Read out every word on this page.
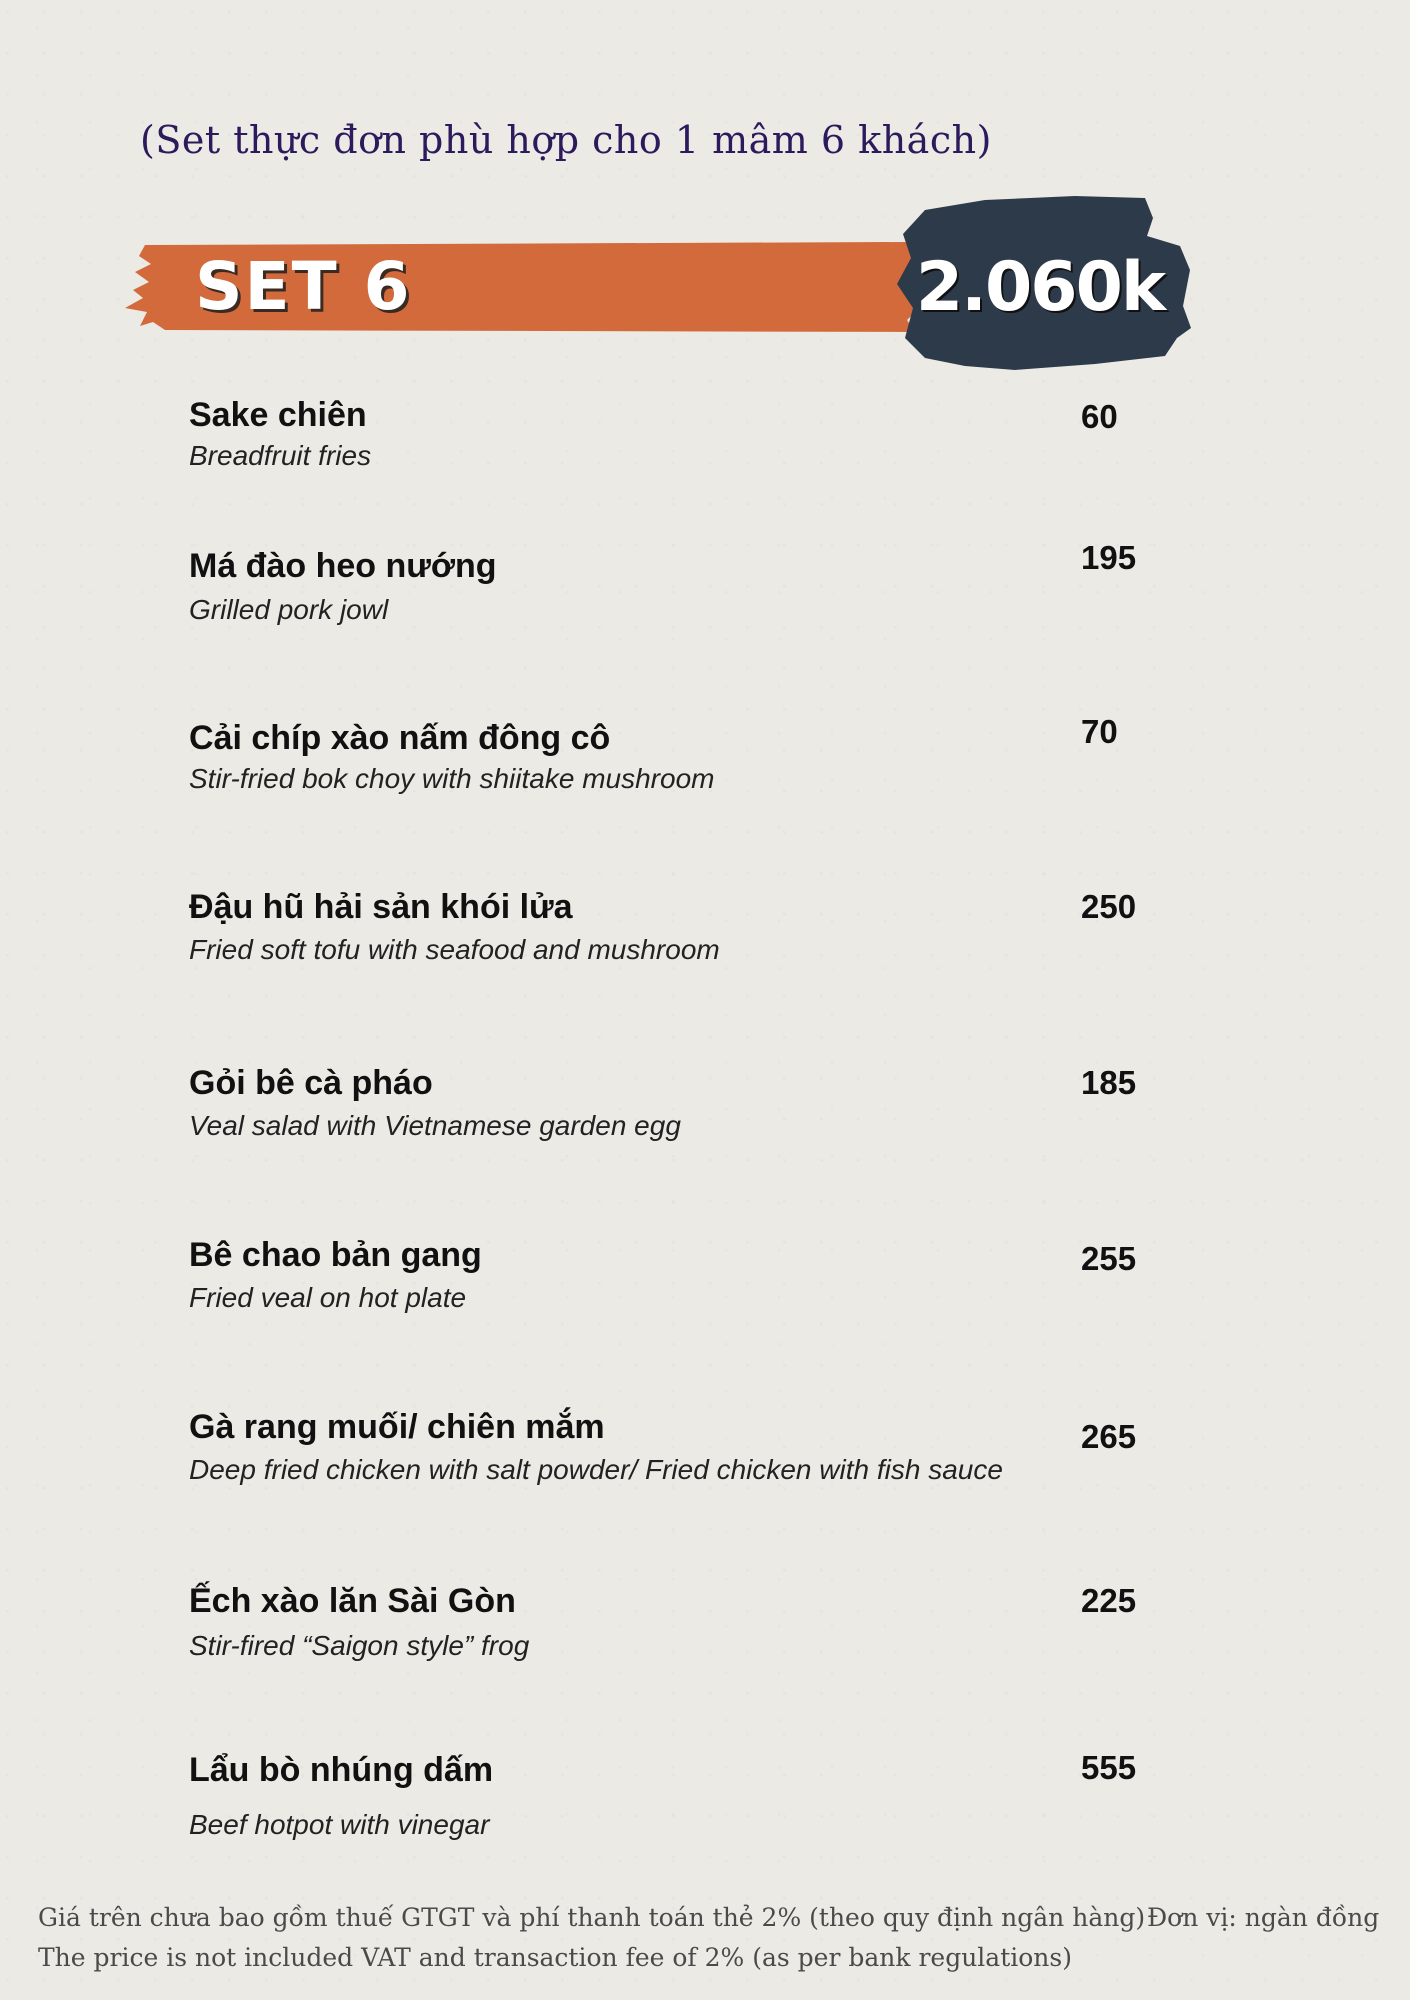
(Set thực đơn phù hợp cho 1 mâm 6 khách)
SET 6	2.060k
Sake chiên
Breadfruit fries
60
Má đào heo nướng
Grilled pork jowl
195
Cải chíp xào nấm đông cô
Stir-fried bok choy with shiitake mushroom
70
Đậu hũ hải sản khói lửa
Fried soft tofu with seafood and mushroom
250
Gỏi bê cà pháo
Veal salad with Vietnamese garden egg
185
Bê chao bản gang
Fried veal on hot plate
255
Gà rang muối/ chiên mắm
Deep fried chicken with salt powder/ Fried chicken with fish sauce
265
Ếch xào lăn Sài Gòn
Stir-fired “Saigon style” frog
225
Lẩu bò nhúng dấm
Beef hotpot with vinegar
555
Giá trên chưa bao gồm thuế GTGT và phí thanh toán thẻ 2% (theo quy định ngân hàng)
The price is not included VAT and transaction fee of 2% (as per bank regulations)
Đơn vị: ngàn đồng
